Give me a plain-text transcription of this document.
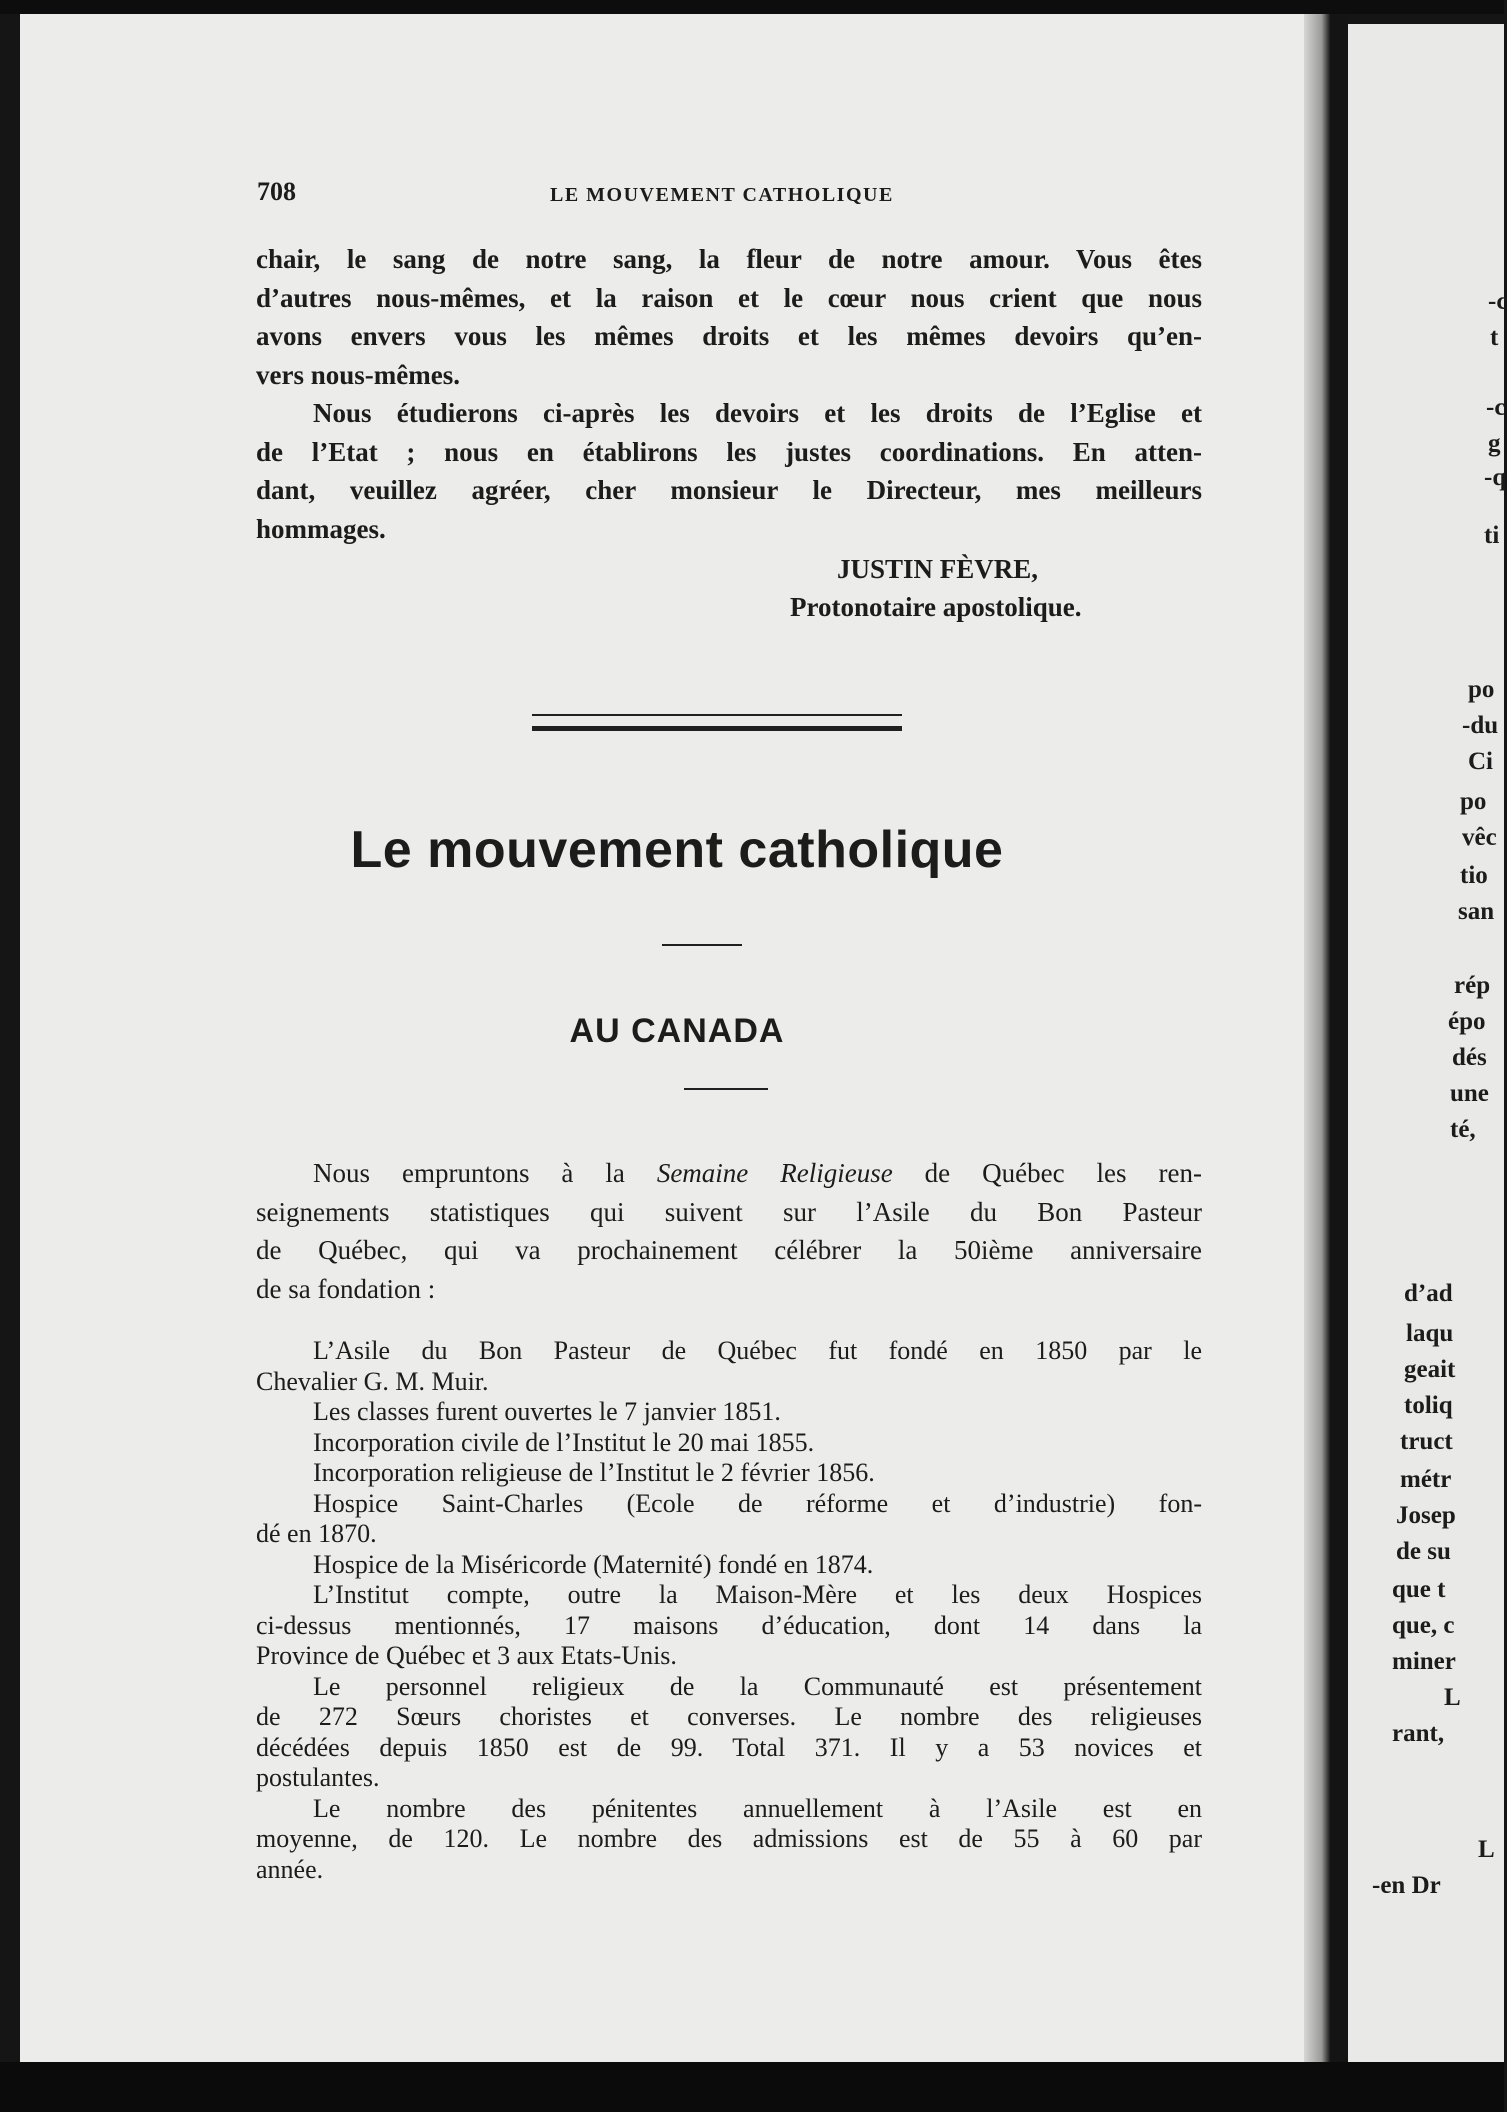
708	LE MOUVEMENT CATHOLIQUE
chair, le sang de notre sang, la fleur de notre amour. Vous êtes
d’autres nous-mêmes, et la raison et le cœur nous crient que nous
avons envers vous les mêmes droits et les mêmes devoirs qu’en-
vers nous-mêmes.
Nous étudierons ci-après les devoirs et les droits de l’Eglise et
de l’Etat ; nous en établirons les justes coordinations. En atten-
dant, veuillez agréer, cher monsieur le Directeur, mes meilleurs
hommages.
JUSTIN FÈVRE,
Protonotaire apostolique.
Le mouvement catholique
AU CANADA
Nous empruntons à la Semaine Religieuse de Québec les ren-
seignements statistiques qui suivent sur l’Asile du Bon Pasteur
de Québec, qui va prochainement célébrer la 50ième anniversaire
de sa fondation :
L’Asile du Bon Pasteur de Québec fut fondé en 1850 par le
Chevalier G. M. Muir.
Les classes furent ouvertes le 7 janvier 1851.
Incorporation civile de l’Institut le 20 mai 1855.
Incorporation religieuse de l’Institut le 2 février 1856.
Hospice Saint-Charles (Ecole de réforme et d’industrie) fon-
dé en 1870.
Hospice de la Miséricorde (Maternité) fondé en 1874.
L’Institut compte, outre la Maison-Mère et les deux Hospices
ci-dessus mentionnés, 17 maisons d’éducation, dont 14 dans la
Province de Québec et 3 aux Etats-Unis.
Le personnel religieux de la Communauté est présentement
de 272 Sœurs choristes et converses. Le nombre des religieuses
décédées depuis 1850 est de 99. Total 371. Il y a 53 novices et
postulantes.
Le nombre des pénitentes annuellement à l’Asile est en
moyenne, de 120. Le nombre des admissions est de 55 à 60 par
année.
-c
t
-c
g
-q
ti
po
-du
Ci
po
vêc
tio
san
rép
épo
dés
une
té,
d’ad
laqu
geait
toliq
truct
métr
Josep
de su
que t
que, c
miner
L
rant,
L
-en Dr
